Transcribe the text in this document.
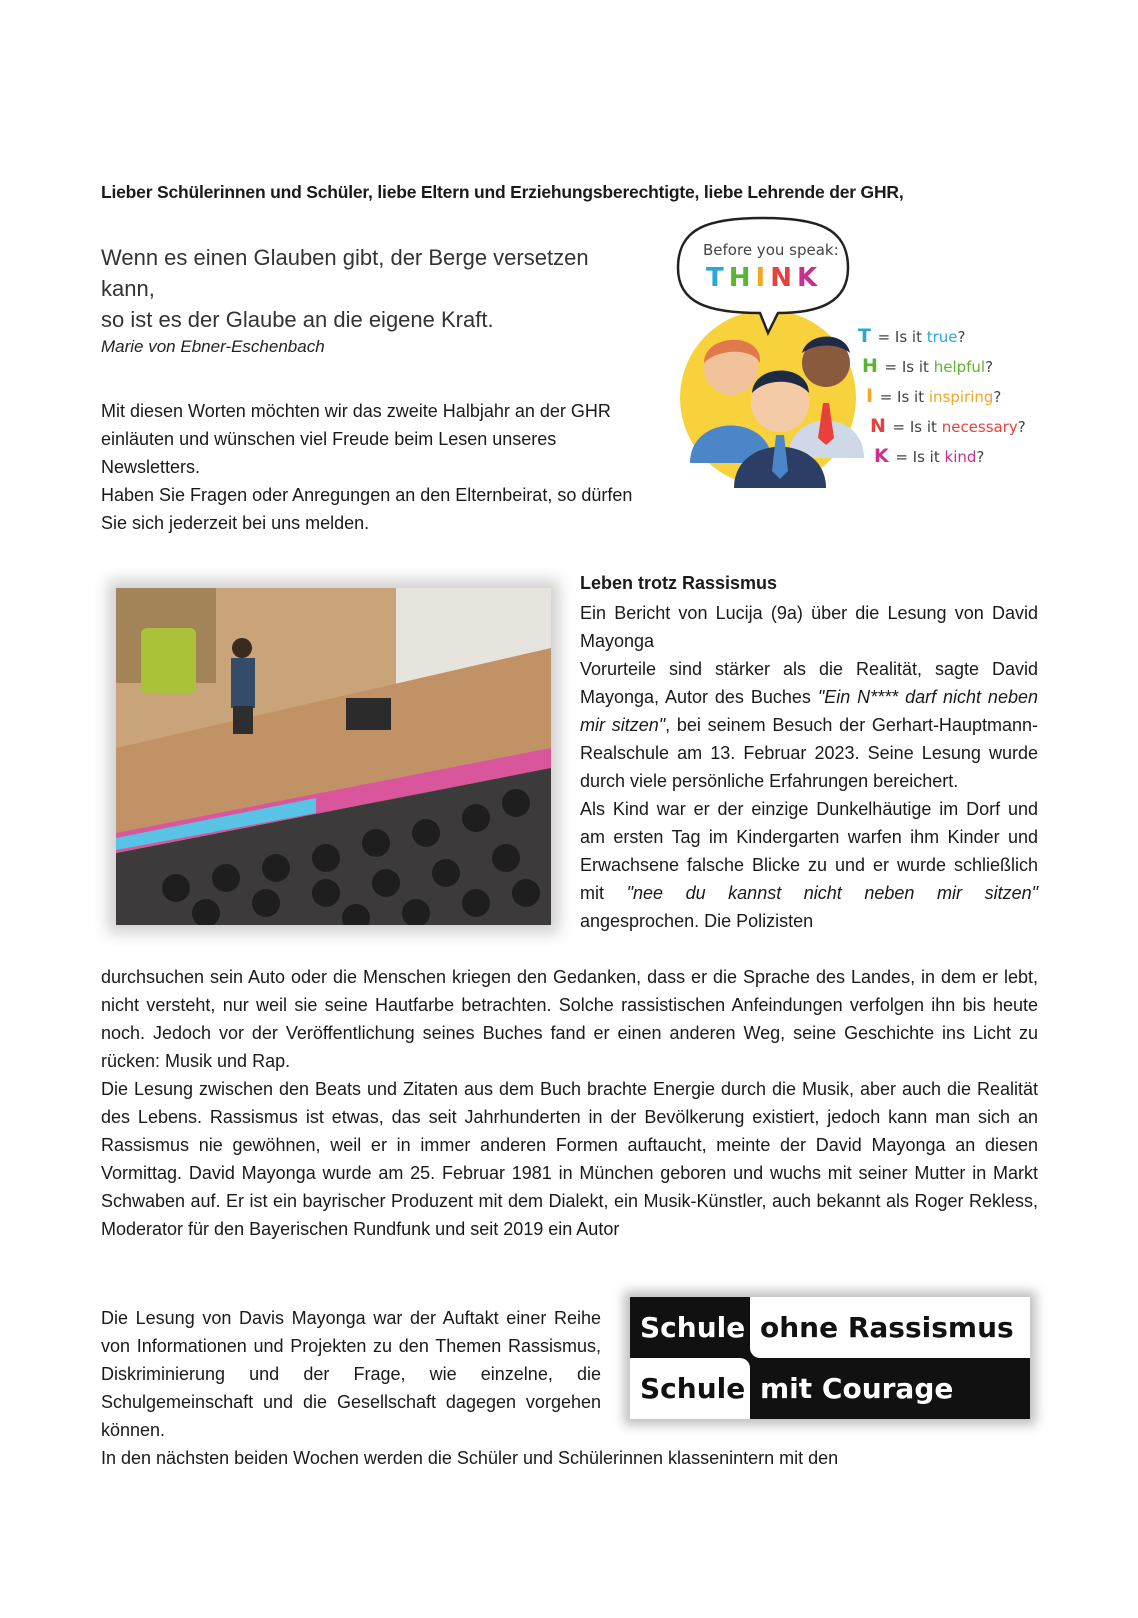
Lieber Schülerinnen und Schüler, liebe Eltern und Erziehungsberechtigte, liebe Lehrende der GHR,
Wenn es einen Glauben gibt, der Berge versetzen
kann,
so ist es der Glaube an die eigene Kraft.
Marie von Ebner-Eschenbach

Mit diesen Worten möchten wir das zweite Halbjahr an der GHR einläuten und wünschen viel Freude beim Lesen unseres Newsletters.

Haben Sie Fragen oder Anregungen an den Elternbeirat, so dürfen Sie sich jederzeit bei uns melden.

Before you speak:
THINK
T = Is it true?
H = Is it helpful?
I = Is it inspiring?
N = Is it necessary?
K = Is it kind?
Leben trotz Rassismus

Ein Bericht von Lucija (9a) über die Lesung von David Mayonga

Vorurteile sind stärker als die Realität, sagte David Mayonga, Autor des Buches "Ein N**** darf nicht neben mir sitzen", bei seinem Besuch der Gerhart-Hauptmann-Realschule am 13. Februar 2023. Seine Lesung wurde durch viele persönliche Erfahrungen bereichert.

Als Kind war er der einzige Dunkelhäutige im Dorf und am ersten Tag im Kindergarten warfen ihm Kinder und Erwachsene falsche Blicke zu und er wurde schließlich mit "nee du kannst nicht neben mir sitzen" angesprochen. Die Polizisten

durchsuchen sein Auto oder die Menschen kriegen den Gedanken, dass er die Sprache des Landes, in dem er lebt, nicht versteht, nur weil sie seine Hautfarbe betrachten. Solche rassistischen Anfeindungen verfolgen ihn bis heute noch. Jedoch vor der Veröffentlichung seines Buches fand er einen anderen Weg, seine Geschichte ins Licht zu rücken: Musik und Rap.

Die Lesung zwischen den Beats und Zitaten aus dem Buch brachte Energie durch die Musik, aber auch die Realität des Lebens. Rassismus ist etwas, das seit Jahrhunderten in der Bevölkerung existiert, jedoch kann man sich an Rassismus nie gewöhnen, weil er in immer anderen Formen auftaucht, meinte der David Mayonga an diesen Vormittag. David Mayonga wurde am 25. Februar 1981 in München geboren und wuchs mit seiner Mutter in Markt Schwaben auf. Er ist ein bayrischer Produzent mit dem Dialekt, ein Musik-Künstler, auch bekannt als Roger Rekless, Moderator für den Bayerischen Rundfunk und seit 2019 ein Autor

Die Lesung von Davis Mayonga war der Auftakt einer Reihe von Informationen und Projekten zu den Themen Rassismus, Diskriminierung und der Frage, wie einzelne, die Schulgemeinschaft und die Gesellschaft dagegen vorgehen können.

In den nächsten beiden Wochen werden die Schüler und Schülerinnen klassenintern mit den
Schule ohne Rassismus
Schule mit Courage
